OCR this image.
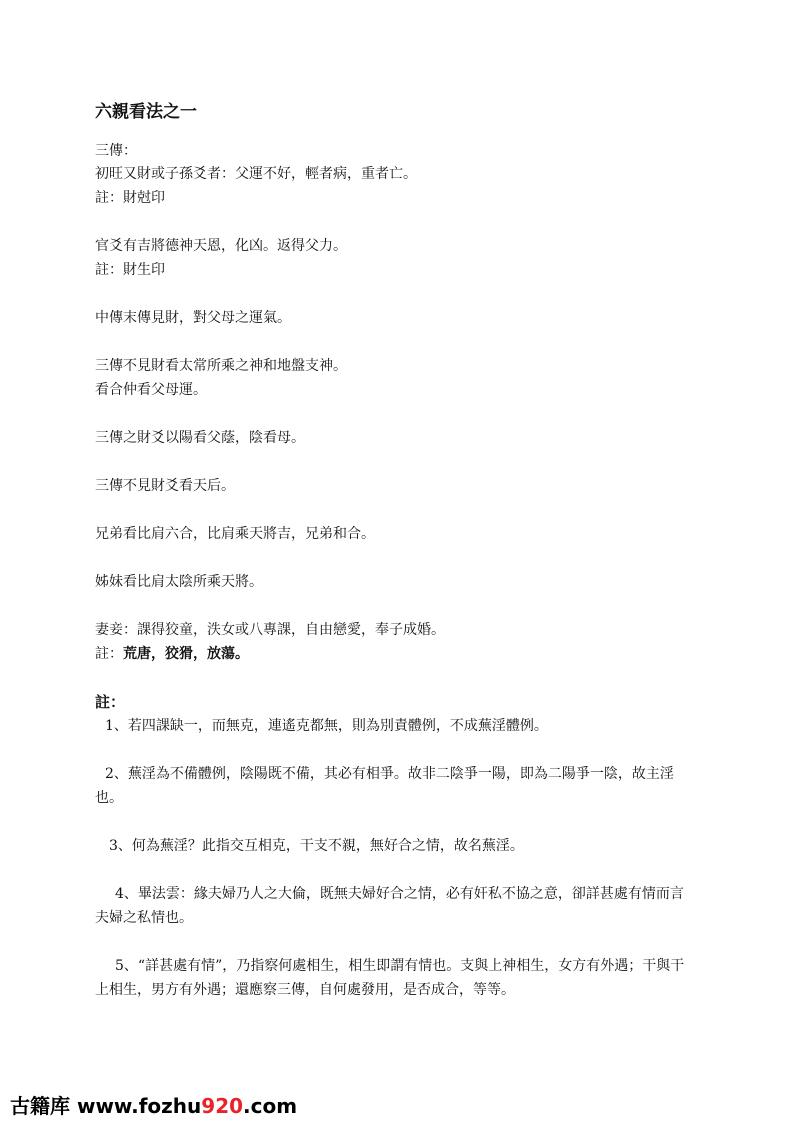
六親看法之一
三傳：
初旺又財或子孫爻者：父運不好，輕者病，重者亡。
註：財尅印
官爻有吉將德神天恩，化凶。返得父力。
註：財生印
中傳末傳見財，對父母之運氣。
三傳不見財看太常所乘之神和地盤支神。
看合仲看父母運。
三傳之財爻以陽看父蔭，陰看母。
三傳不見財爻看天后。
兄弟看比肩六合，比肩乘天將吉，兄弟和合。
姊妹看比肩太陰所乘天將。
妻妾：課得狡童，泆女或八專課，自由戀愛，奉子成婚。
註：荒唐，狡猾，放蕩。
註：
1、若四課缺一，而無克，連遙克都無，則為別責體例，不成蕪淫體例。
2、蕪淫為不備體例，陰陽既不備，其必有相爭。故非二陰爭一陽，即為二陽爭一陰，故主淫也。
3、何為蕪淫？此指交互相克，干支不親，無好合之情，故名蕪淫。
4、畢法雲：緣夫婦乃人之大倫，既無夫婦好合之情，必有奸私不協之意，卻詳甚處有情而言夫婦之私情也。
5、“詳甚處有情”，乃指察何處相生，相生即謂有情也。支與上神相生，女方有外遇；干與干上相生，男方有外遇；還應察三傳，自何處發用，是否成合，等等。
古籍库 www.fozhu920.com
